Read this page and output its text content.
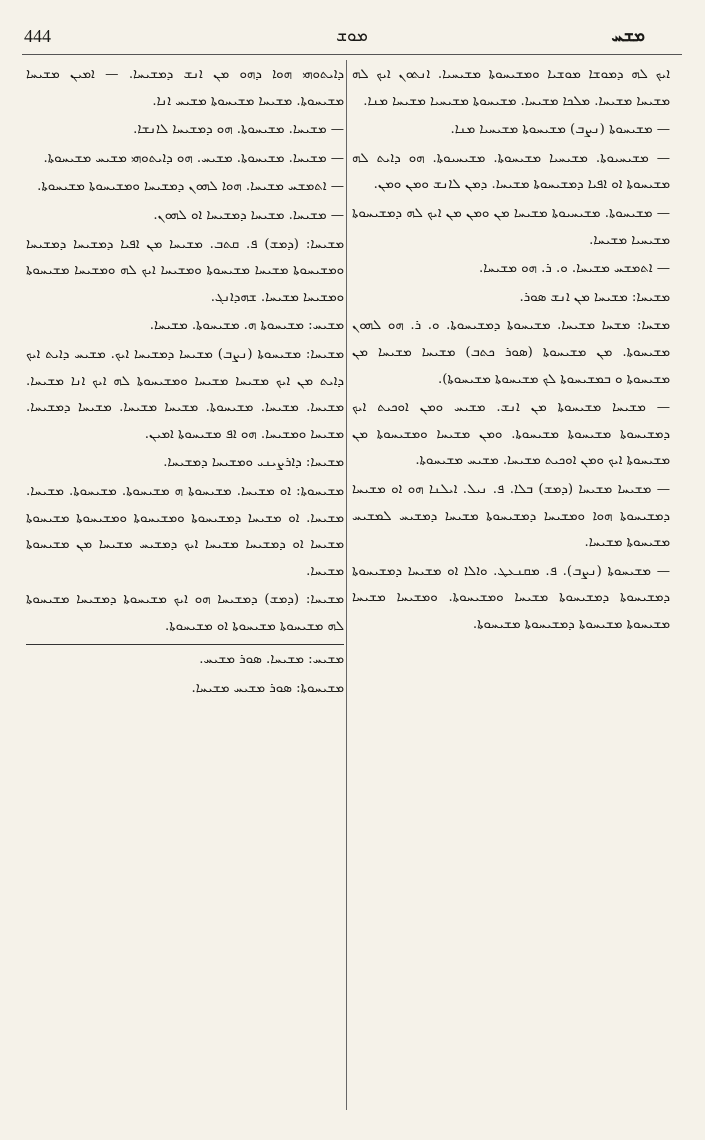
444	ܡܘܫ	ܡܫܚ

ܐܝܟ ܠܗ ܕܡܘܫܐ ܡܘܫܝܐ ܘܡܫܝܚܘܬܐ ܡܫܝܚܝܐ. ܐܢܬܘܢ ܐܝܟ ܠܗ ܡܫܝܚܐ ܡܫܝܚܐ. ܡܠܟܐ ܡܫܝܚܐ. ܡܫܝܚܘܬܐ ܡܫܝܚܝܐ ܡܫܝܚܐ ܡܢܐ.

— ܡܫܝܚܘܬܐ (ܢܨܒ) ܡܫܝܚܘܬܐ ܡܫܝܚܝܐ ܡܢܐ.

— ܡܫܝܚܝܘܬܐ. ܡܫܝܚܝܐ ܡܫܝܚܘܬܐ. ܡܫܝܚܝܘܬܐ. ܗܘ ܕܐܝܬ ܠܗ ܡܫܝܚܘܬܐ ܐܘ ܐܦܝܐ ܕܡܫܝܚܘܬܐ ܡܫܝܚܐ. ܕܡܢ ܠܐܢܫ ܘܡܢ ܘܡܢ.

— ܡܫܝܚܘܬܐ. ܡܫܝܚܝܘܬܐ ܡܫܝܚܐ ܡܢ ܘܡܢ ܡܢ ܐܝܟ ܠܗ ܕܡܫܝܚܘܬܐ ܡܫܝܚܝܐ ܡܫܝܚܐ.

— ܐܬܡܫܚ ܡܫܝܚܐ. ܘ. ܪ. ܗܘ ܡܫܝܚܐ.

ܡܫܝܚܐ: ܡܫܝܚܐ ܡܢ ܐܢܫ ܣܘܪ.

ܡܫܚܐ: ܡܫܚܐ ܡܫܝܚܐ. ܡܫܝܚܘܬܐ ܕܡܫܝܚܘܬܐ. ܘ. ܪ. ܗܘ ܠܗܘܢ ܡܫܝܚܘܬܐ. ܡܢ ܡܫܝܚܘܬܐ (ܣܘܪ ܟܬܒ) ܡܫܝܚܐ ܡܫܝܚܐ ܡܢ ܡܫܝܚܘܬܐ ܘ ܒܡܫܝܚܘܬܐ ܠܟ ܡܫܝܚܘܬܐ ܡܫܝܚܘܬܐ).

— ܡܫܝܚܐ ܡܫܝܚܘܬܐ ܡܢ ܐܢܫ. ܡܫܝܚ ܘܡܢ ܐܘܟܝܬ ܐܝܟ ܕܡܫܝܚܘܬܐ ܡܫܝܚܘܬܐ ܡܫܝܚܘܬܐ. ܘܡܢ ܡܫܝܚܐ ܘܡܫܝܚܘܬܐ ܡܢ ܡܫܝܚܘܬܐ ܐܝܟ ܘܡܢ ܐܘܟܝܬ ܡܫܝܚܐ. ܡܫܝܚ ܡܫܝܚܘܬܐ.

— ܡܫܝܚܐ ܡܫܝܚܐ (ܕܡܫ) ܒܠܐ. ܦ. ܢܝܠ. ܐܝܠܢܐ ܗܘ ܐܘ ܡܫܝܚܐ ܕܡܫܝܚܘܬܐ ܗܘܐ ܘܡܫܝܚܐ ܕܡܫܝܚܘܬܐ ܡܫܝܚܐ ܕܡܫܝܚ ܠܡܫܝܚ ܡܫܝܚܘܬܐ ܡܫܝܚܐ.

— ܡܫܝܚܘܬܐ (ܢܨܒ). ܦ. ܡܩܢܥܛ. ܘܐܠܐ ܐܘ ܡܫܝܚܐ ܕܡܫܝܚܘܬܐ ܕܡܫܝܚܘܬܐ ܕܡܫܝܚܘܬܐ ܡܫܝܚܐ ܘܡܫܝܚܘܬܐ. ܘܡܫܝܚܐ ܡܫܝܚܐ ܡܫܝܚܘܬܐ ܡܫܝܚܘܬܐ ܕܡܫܝܚܘܬܐ ܡܫܝܚܘܬܐ.

ܕܐܝܬܘܗܝ ܗܘܐ ܕܗܘ ܡܢ ܐܢܫ ܕܡܫܝܚܐ. — ܐܡܝܢ ܡܫܝܚܐ ܡܫܝܚܘܬܐ. ܡܫܝܚܐ ܡܫܝܚܘܬܐ ܡܫܝܚ ܐܢܐ.

— ܡܫܝܚܐ. ܡܫܝܚܘܬܐ. ܗܘ ܕܡܫܝܚܐ ܠܐܢܫܐ.

— ܡܫܝܚܐ. ܡܫܝܚܘܬܐ. ܡܫܝܚ. ܗܘ ܕܐܝܬܘܗܝ ܡܫܝܚ ܡܫܝܚܘܬܐ.

— ܐܬܡܫܚ ܡܫܝܚܐ. ܗܘܐ ܠܗܘܢ ܕܡܫܝܚܐ ܘܡܫܝܚܘܬܐ ܡܫܝܚܘܬܐ.

— ܡܫܝܚܐ. ܡܫܝܚܐ ܕܡܫܝܚܐ ܐܘ ܠܗܘܢ.

ܡܫܝܚܐ: (ܕܡܫ) ܦ. ܩܬܒ. ܡܫܝܚܐ ܡܢ ܐܦܝܐ ܕܡܫܝܚܐ ܕܡܫܝܚܐ ܘܡܫܝܚܘܬܐ ܡܫܝܚܐ ܡܫܝܚܘܬܐ ܘܡܫܝܚܐ ܐܝܟ ܠܗ ܘܡܫܝܚܐ ܡܫܝܚܘܬܐ ܘܡܫܝܚܐ ܡܫܝܚܐ. ܫܗܕܐܢܓ.

ܡܫܝܚ: ܡܫܝܚܘܬܐ ܗ. ܡܫܝܚܘܬܐ. ܡܫܝܚܐ.

ܡܫܝܚܐ: ܡܫܝܚܘܬܐ (ܢܨܒ) ܡܫܝܚܐ ܕܡܫܝܚܐ ܐܝܟ. ܡܫܝܚ ܕܐܝܬ ܐܝܟ ܕܐܝܬ ܡܢ ܐܝܟ ܡܫܝܚܐ ܡܫܝܚܐ ܘܡܫܝܚܘܬܐ ܠܗ ܐܝܟ ܐܢܐ ܡܫܝܚܐ. ܡܫܝܚܐ. ܡܫܝܚܐ. ܡܫܝܚܘܬܐ. ܡܫܝܚܐ ܡܫܝܚܐ. ܡܫܝܚܐ ܕܡܫܝܚܐ. ܡܫܝܚܐ ܘܡܫܝܚܐ. ܗܘ ܐܦ ܡܫܝܚܘܬܐ ܐܡܝܢ.

ܡܫܝܚܐ: ܕܐܪܨܝܢܝ ܘܡܫܝܚܐ ܕܡܫܝܚܐ.

ܡܫܝܚܘܬܐ: ܐܘ ܡܫܝܚܐ. ܡܫܝܚܘܬܐ ܗ ܡܫܝܚܘܬܐ. ܡܫܝܚܘܬܐ. ܡܫܝܚܐ. ܡܫܝܚܐ. ܐܘ ܡܫܝܚܐ ܕܡܫܝܚܘܬܐ ܘܡܫܝܚܘܬܐ ܘܡܫܝܚܘܬܐ ܡܫܝܚܘܬܐ ܡܫܝܚܐ ܐܘ ܕܡܫܝܚܐ ܡܫܝܚܐ ܐܝܟ ܕܡܫܝܚ ܡܫܝܚܐ ܡܢ ܡܫܝܚܘܬܐ ܡܫܝܚܐ.

ܡܫܝܚܐ: (ܕܡܫ) ܕܡܫܝܚܐ ܗܘ ܐܝܟ ܡܫܝܚܘܬܐ ܕܡܫܝܚܐ ܡܫܝܚܘܬܐ ܠܗ ܡܫܝܚܘܬܐ ܡܫܝܚܘܬܐ ܐܘ ܡܫܝܚܘܬܐ.

ܡܫܝܚ: ܡܫܝܚܐ. ܣܘܪ ܡܫܝܚ.

ܡܫܝܚܘܬܐ: ܣܘܪ ܡܫܝܚ ܡܫܝܚܐ.
